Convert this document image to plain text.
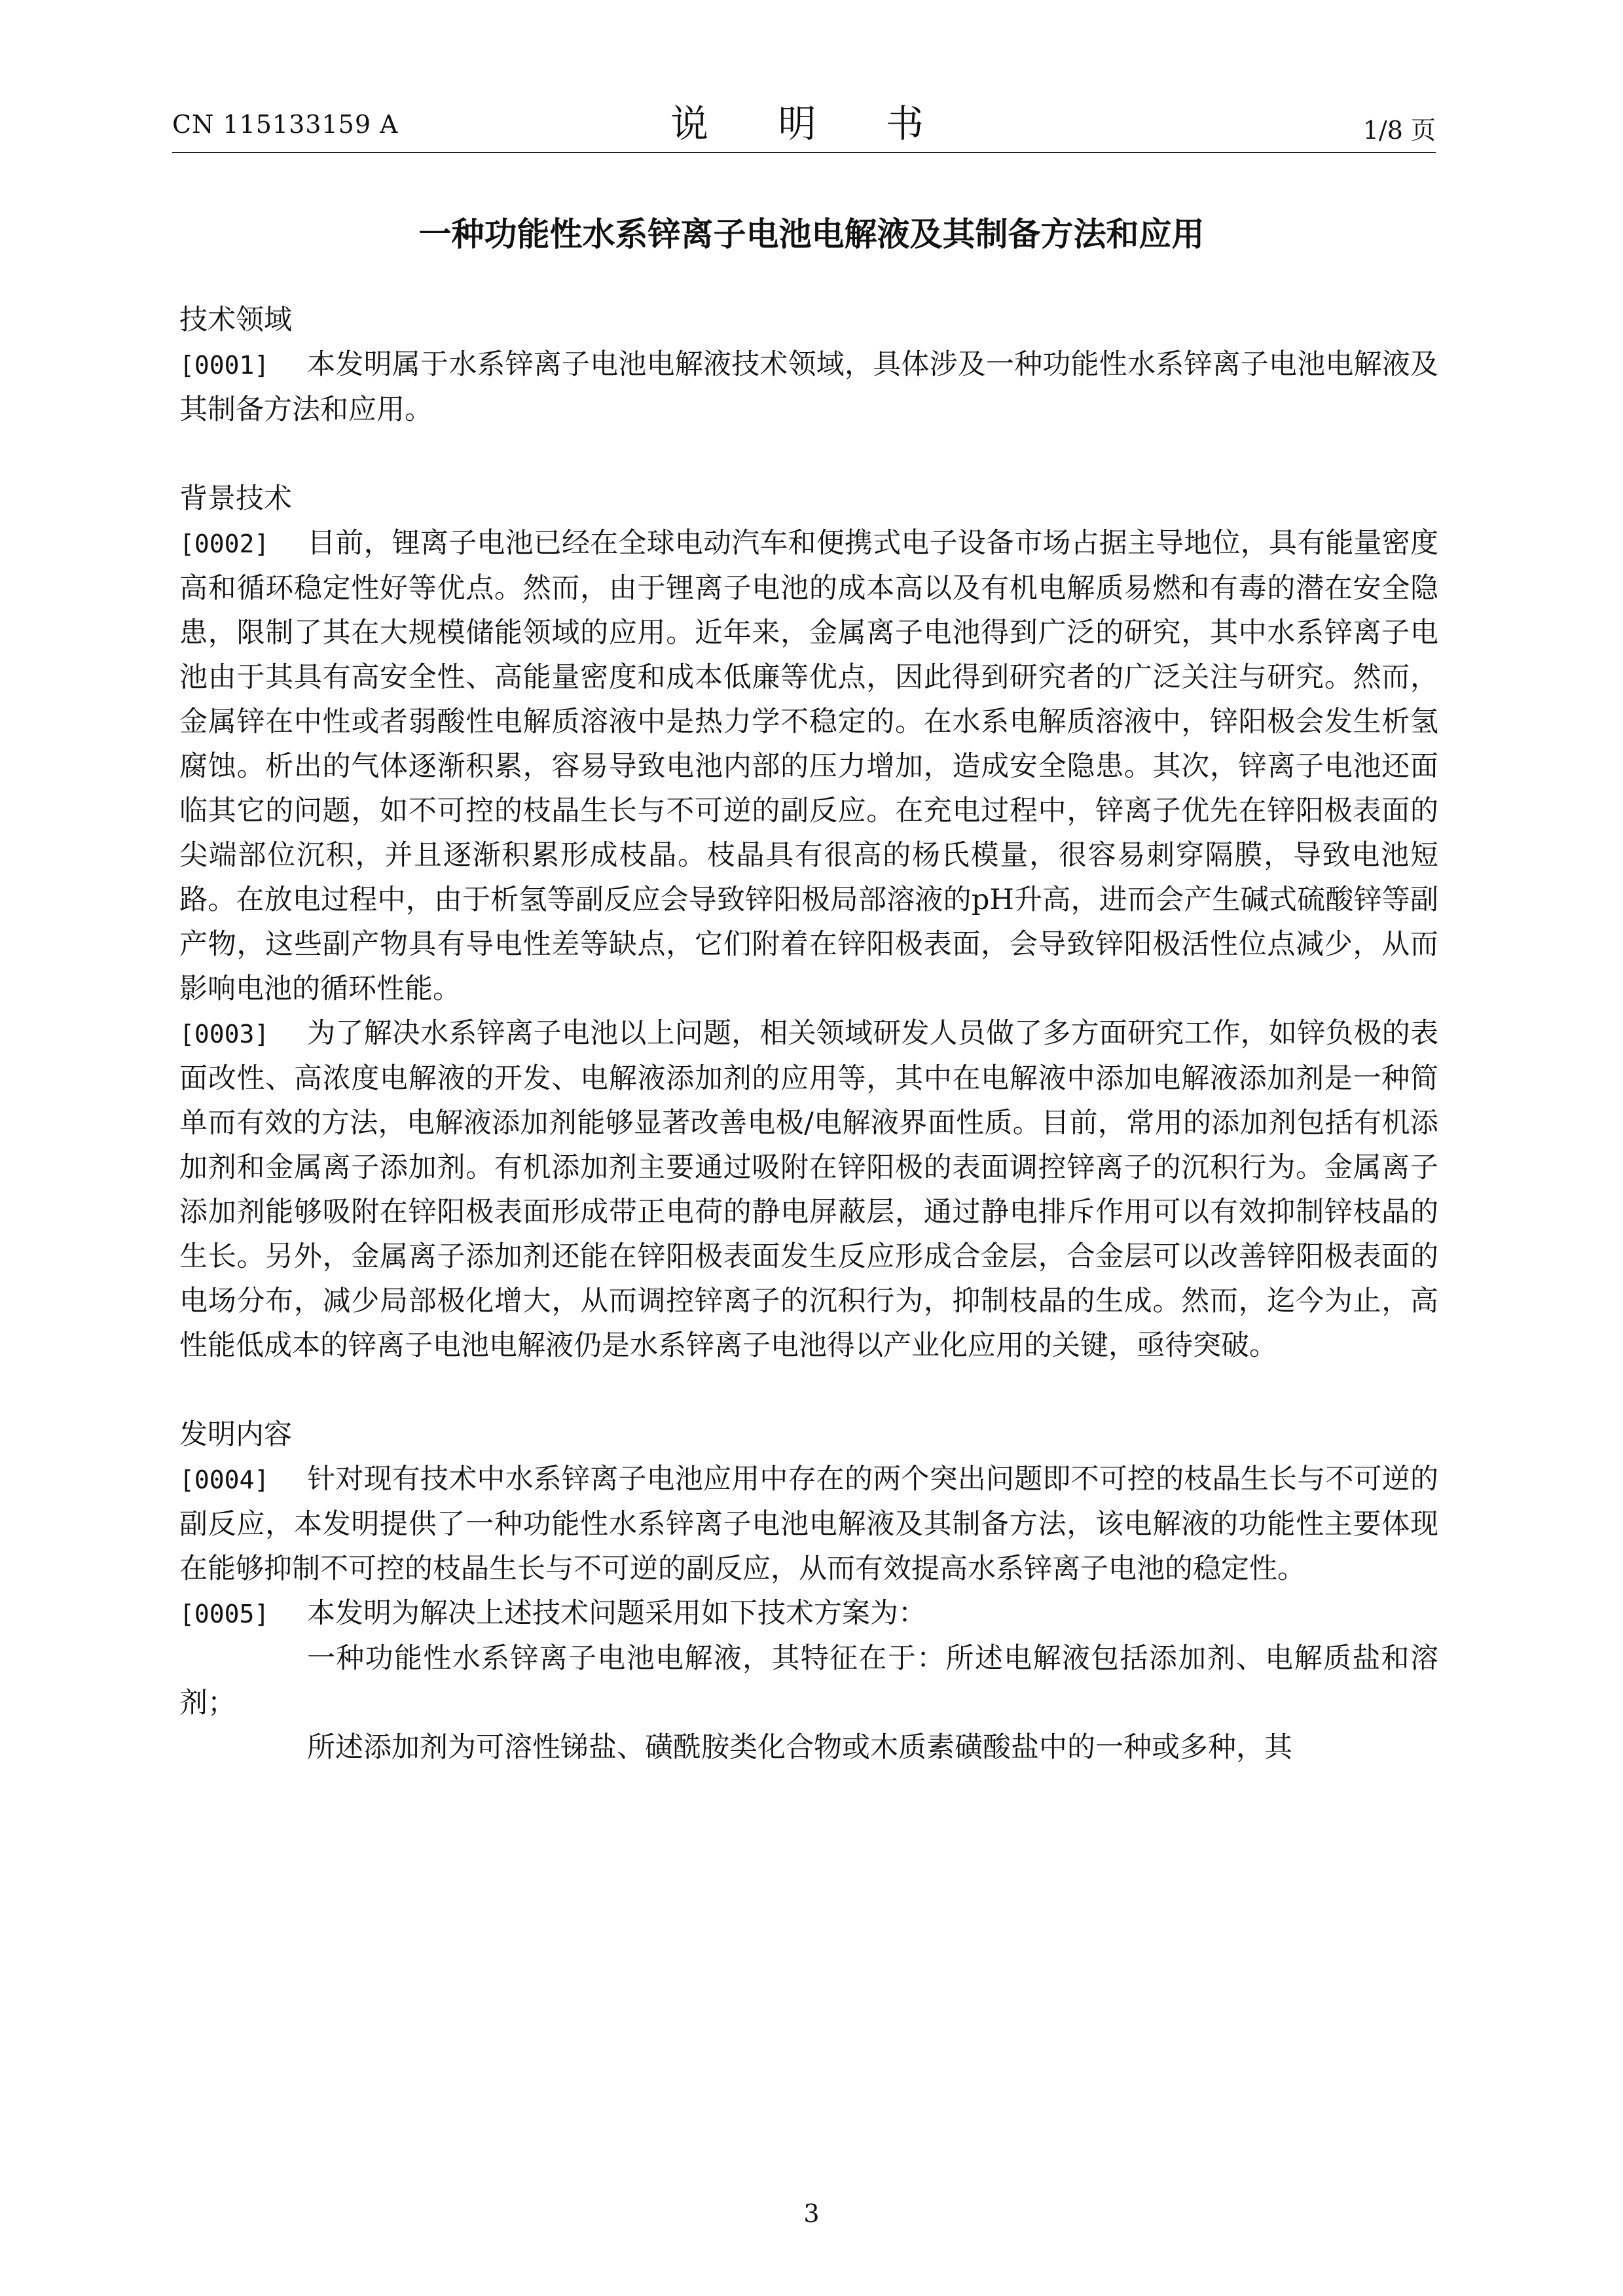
CN 115133159 A	说 明 书	1/8 页
一种功能性水系锌离子电池电解液及其制备方法和应用
技术领域

[0001] 本发明属于水系锌离子电池电解液技术领域，具体涉及一种功能性水系锌离子电池电解液及其制备方法和应用。

背景技术

[0002] 目前，锂离子电池已经在全球电动汽车和便携式电子设备市场占据主导地位，具有能量密度高和循环稳定性好等优点。然而，由于锂离子电池的成本高以及有机电解质易燃和有毒的潜在安全隐患，限制了其在大规模储能领域的应用。近年来，金属离子电池得到广泛的研究，其中水系锌离子电池由于其具有高安全性、高能量密度和成本低廉等优点，因此得到研究者的广泛关注与研究。然而，金属锌在中性或者弱酸性电解质溶液中是热力学不稳定的。在水系电解质溶液中，锌阳极会发生析氢腐蚀。析出的气体逐渐积累，容易导致电池内部的压力增加，造成安全隐患。其次，锌离子电池还面临其它的问题，如不可控的枝晶生长与不可逆的副反应。在充电过程中，锌离子优先在锌阳极表面的尖端部位沉积，并且逐渐积累形成枝晶。枝晶具有很高的杨氏模量，很容易刺穿隔膜，导致电池短路。在放电过程中，由于析氢等副反应会导致锌阳极局部溶液的pH升高，进而会产生碱式硫酸锌等副产物，这些副产物具有导电性差等缺点，它们附着在锌阳极表面，会导致锌阳极活性位点减少，从而影响电池的循环性能。

[0003] 为了解决水系锌离子电池以上问题，相关领域研发人员做了多方面研究工作，如锌负极的表面改性、高浓度电解液的开发、电解液添加剂的应用等，其中在电解液中添加电解液添加剂是一种简单而有效的方法，电解液添加剂能够显著改善电极/电解液界面性质。目前，常用的添加剂包括有机添加剂和金属离子添加剂。有机添加剂主要通过吸附在锌阳极的表面调控锌离子的沉积行为。金属离子添加剂能够吸附在锌阳极表面形成带正电荷的静电屏蔽层，通过静电排斥作用可以有效抑制锌枝晶的生长。另外，金属离子添加剂还能在锌阳极表面发生反应形成合金层，合金层可以改善锌阳极表面的电场分布，减少局部极化增大，从而调控锌离子的沉积行为，抑制枝晶的生成。然而，迄今为止，高性能低成本的锌离子电池电解液仍是水系锌离子电池得以产业化应用的关键，亟待突破。

发明内容

[0004] 针对现有技术中水系锌离子电池应用中存在的两个突出问题即不可控的枝晶生长与不可逆的副反应，本发明提供了一种功能性水系锌离子电池电解液及其制备方法，该电解液的功能性主要体现在能够抑制不可控的枝晶生长与不可逆的副反应，从而有效提高水系锌离子电池的稳定性。

[0005] 本发明为解决上述技术问题采用如下技术方案为：

一种功能性水系锌离子电池电解液，其特征在于：所述电解液包括添加剂、电解质盐和溶剂；

所述添加剂为可溶性锑盐、磺酰胺类化合物或木质素磺酸盐中的一种或多种，其

3
